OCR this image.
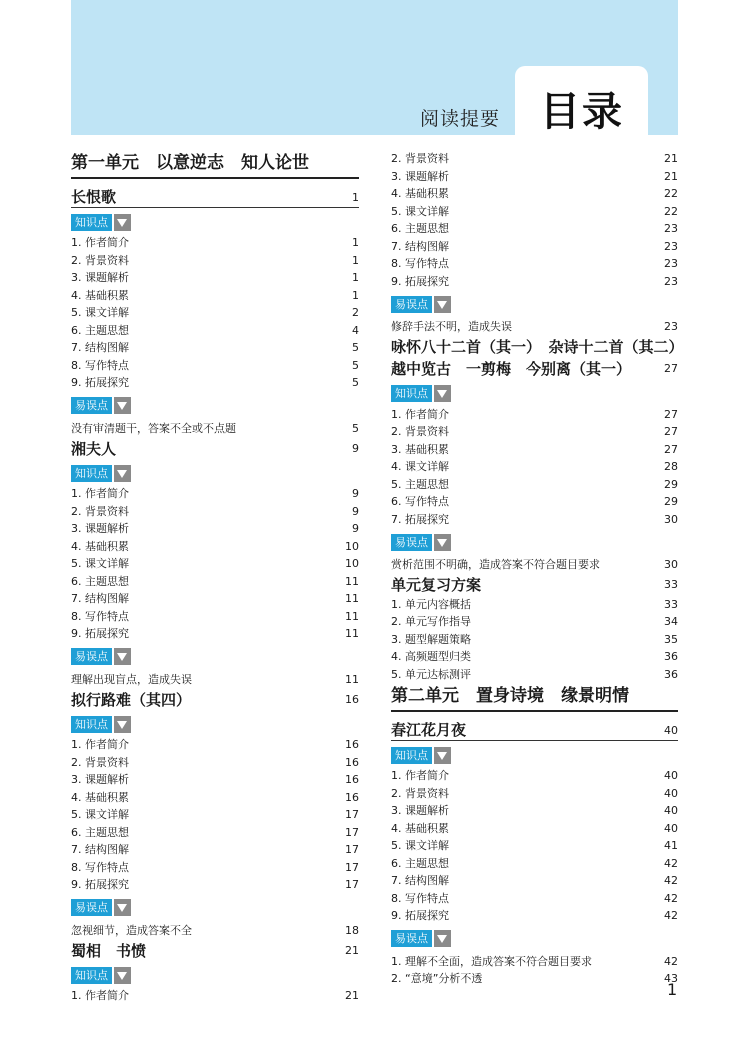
阅读提要 目录
第一单元　以意逆志　知人论世
长恨歌	1
知识点
1. 作者简介	1
2. 背景资料	1
3. 课题解析	1
4. 基础积累	1
5. 课文详解	2
6. 主题思想	4
7. 结构图解	5
8. 写作特点	5
9. 拓展探究	5
易误点
没有审清题干，答案不全或不点题	5
湘夫人	9
知识点
1. 作者简介	9
2. 背景资料	9
3. 课题解析	9
4. 基础积累	10
5. 课文详解	10
6. 主题思想	11
7. 结构图解	11
8. 写作特点	11
9. 拓展探究	11
易误点
理解出现盲点，造成失误	11
拟行路难（其四）	16
知识点
1. 作者简介	16
2. 背景资料	16
3. 课题解析	16
4. 基础积累	16
5. 课文详解	17
6. 主题思想	17
7. 结构图解	17
8. 写作特点	17
9. 拓展探究	17
易误点
忽视细节，造成答案不全	18
蜀相　书愤	21
知识点
1. 作者简介	21
2. 背景资料	21
3. 课题解析	21
4. 基础积累	22
5. 课文详解	22
6. 主题思想	23
7. 结构图解	23
8. 写作特点	23
9. 拓展探究	23
易误点
修辞手法不明，造成失误	23
咏怀八十二首（其一）　杂诗十二首（其二）
越中览古　一剪梅　今别离（其一）	27
知识点
1. 作者简介	27
2. 背景资料	27
3. 基础积累	27
4. 课文详解	28
5. 主题思想	29
6. 写作特点	29
7. 拓展探究	30
易误点
赏析范围不明确，造成答案不符合题目要求	30
单元复习方案	33
1. 单元内容概括	33
2. 单元写作指导	34
3. 题型解题策略	35
4. 高频题型归类	36
5. 单元达标测评	36
第二单元　置身诗境　缘景明情
春江花月夜	40
知识点
1. 作者简介	40
2. 背景资料	40
3. 课题解析	40
4. 基础积累	40
5. 课文详解	41
6. 主题思想	42
7. 结构图解	42
8. 写作特点	42
9. 拓展探究	42
易误点
1. 理解不全面，造成答案不符合题目要求	42
2. “意境”分析不透	43
1
